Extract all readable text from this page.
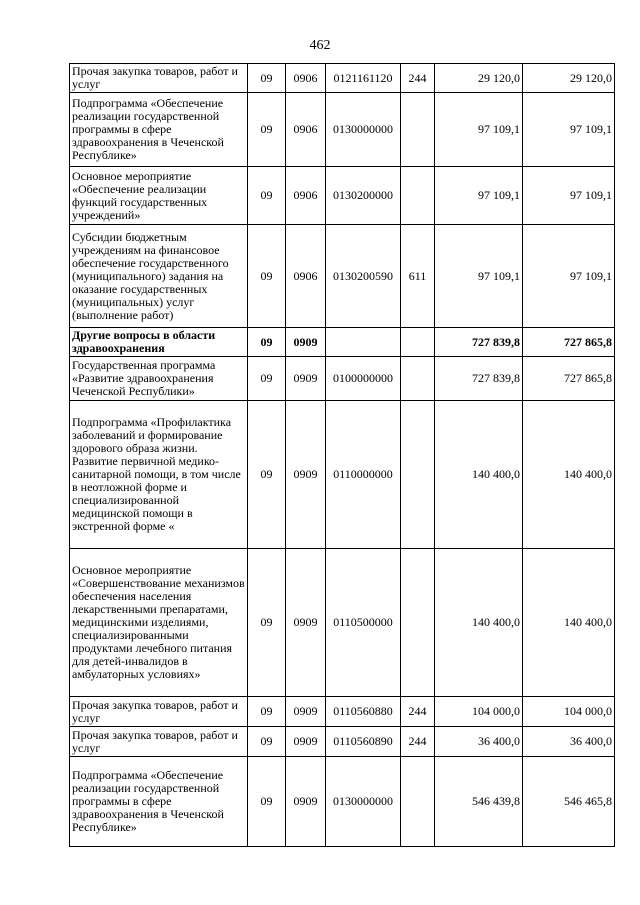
462
Прочая закупка товаров, работ и услуг	09	0906	0121161120	244	29 120,0	29 120,0
Подпрограмма «Обеспечение реализации государственной программы в сфере здравоохранения в Чеченской Республике»	09	0906	0130000000		97 109,1	97 109,1
Основное мероприятие «Обеспечение реализации функций государственных учреждений»	09	0906	0130200000		97 109,1	97 109,1
Субсидии бюджетным учреждениям на финансовое обеспечение государственного (муниципального) задания на оказание государственных (муниципальных) услуг (выполнение работ)	09	0906	0130200590	611	97 109,1	97 109,1
Другие вопросы в области здравоохранения	09	0909			727 839,8	727 865,8
Государственная программа «Развитие здравоохранения Чеченской Республики»	09	0909	0100000000		727 839,8	727 865,8
Подпрограмма «Профилактика заболеваний и формирование здорового образа жизни. Развитие первичной медико-санитарной помощи, в том числе в неотложной форме и специализированной медицинской помощи в экстренной форме «	09	0909	0110000000		140 400,0	140 400,0
Основное мероприятие «Совершенствование механизмов обеспечения населения лекарственными препаратами, медицинскими изделиями, специализированными продуктами лечебного питания для детей-инвалидов в амбулаторных условиях»	09	0909	0110500000		140 400,0	140 400,0
Прочая закупка товаров, работ и услуг	09	0909	0110560880	244	104 000,0	104 000,0
Прочая закупка товаров, работ и услуг	09	0909	0110560890	244	36 400,0	36 400,0
Подпрограмма «Обеспечение реализации государственной программы в сфере здравоохранения в Чеченской Республике»	09	0909	0130000000		546 439,8	546 465,8
